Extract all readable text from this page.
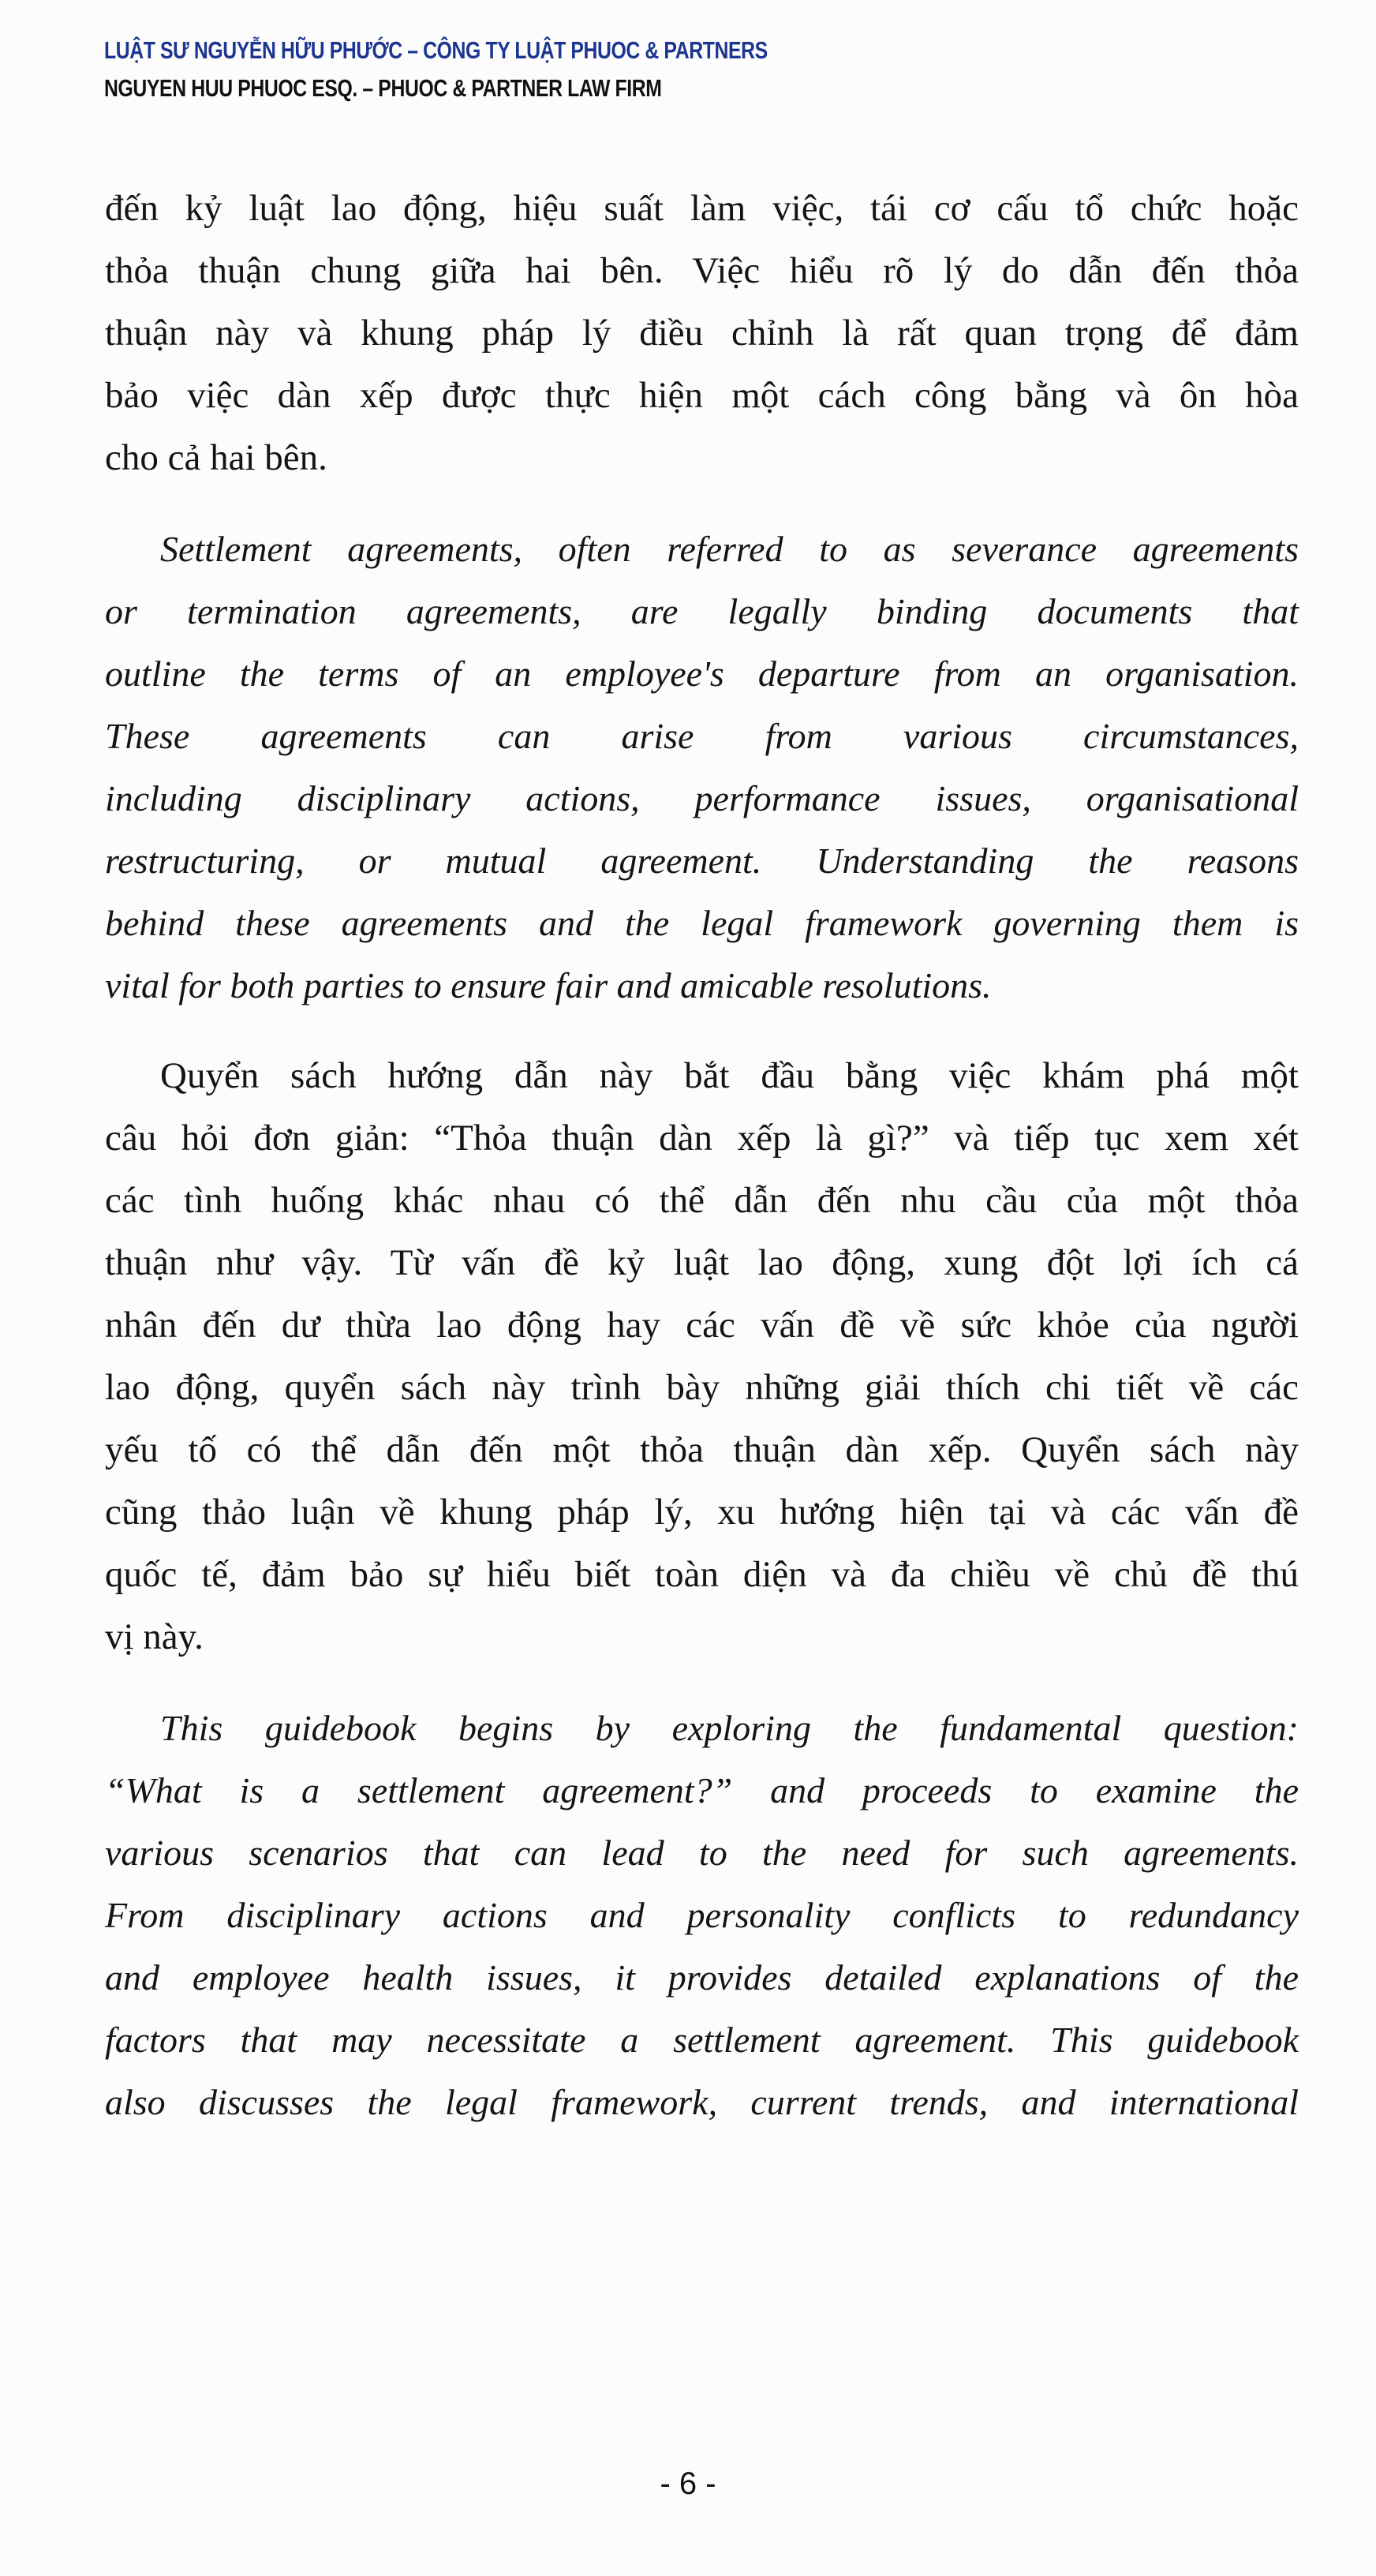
LUẬT SƯ NGUYỄN HỮU PHƯỚC – CÔNG TY LUẬT PHUOC & PARTNERS
NGUYEN HUU PHUOC ESQ. – PHUOC & PARTNER LAW FIRM
đến kỷ luật lao động, hiệu suất làm việc, tái cơ cấu tổ chức hoặc
thỏa thuận chung giữa hai bên. Việc hiểu rõ lý do dẫn đến thỏa
thuận này và khung pháp lý điều chỉnh là rất quan trọng để đảm
bảo việc dàn xếp được thực hiện một cách công bằng và ôn hòa
cho cả hai bên.
Settlement agreements, often referred to as severance agreements
or termination agreements, are legally binding documents that
outline the terms of an employee's departure from an organisation.
These agreements can arise from various circumstances,
including disciplinary actions, performance issues, organisational
restructuring, or mutual agreement. Understanding the reasons
behind these agreements and the legal framework governing them is
vital for both parties to ensure fair and amicable resolutions.
Quyển sách hướng dẫn này bắt đầu bằng việc khám phá một
câu hỏi đơn giản: “Thỏa thuận dàn xếp là gì?” và tiếp tục xem xét
các tình huống khác nhau có thể dẫn đến nhu cầu của một thỏa
thuận như vậy. Từ vấn đề kỷ luật lao động, xung đột lợi ích cá
nhân đến dư thừa lao động hay các vấn đề về sức khỏe của người
lao động, quyển sách này trình bày những giải thích chi tiết về các
yếu tố có thể dẫn đến một thỏa thuận dàn xếp. Quyển sách này
cũng thảo luận về khung pháp lý, xu hướng hiện tại và các vấn đề
quốc tế, đảm bảo sự hiểu biết toàn diện và đa chiều về chủ đề thú
vị này.
This guidebook begins by exploring the fundamental question:
“What is a settlement agreement?” and proceeds to examine the
various scenarios that can lead to the need for such agreements.
From disciplinary actions and personality conflicts to redundancy
and employee health issues, it provides detailed explanations of the
factors that may necessitate a settlement agreement. This guidebook
also discusses the legal framework, current trends, and international
- 6 -
